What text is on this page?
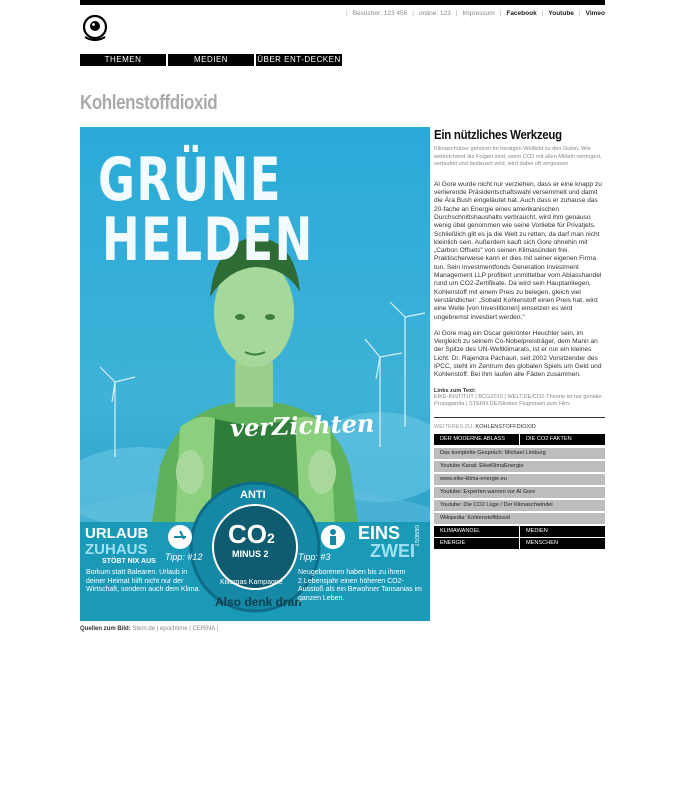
| Besucher: 123 456 | online: 123 | Impressum | Facebook | Youtube | Vimeo
THEMEN	MEDIEN	ÜBER ENT-DECKEN
Kohlenstoffdioxid
GRÜNE
HELDEN
verZichten
URLAUB
ZUHAUS
STÖBT NIX AUS
Borkum statt Balearen. Urlaub in deiner Heimat hilft nicht nur der Wirtschaft, sondern auch dem Klima.
Tipp: #12
ANTI
CO2
MINUS 2
Killergas Kampagne
Also denk dran
EINS
ZWEI
GENÜGT
Tipp: #3
Neugeborenen haben bis zu ihrem 2.Lebensjahr einen höheren CO2-Ausstoß als ein Bewohner Tansanias im ganzen Leben.
Quellen zum Bild: Stern.de | epochtime | CERINA |
Ein nützliches Werkzeug
Klimaschützer gehören im heutigen Weltbild zu den Guten. Wie weitreichend die Folgen sind, wenn CO2 mit allen Mitteln verringert, verteufelt und besteuert wird, wird dabei oft vergessen

Al Gore wurde nicht nur verziehen, dass er eine knapp zu verlierende Präsidentschaftswahl versemmelt und damit die Ära Bush eingeläutet hat. Auch dass er zuhause das 20-fache an Energie eines amerikanischen Durchschnittshaushalts verbraucht, wird ihm genauso wenig übel genommen wie seine Vorliebe für Privatjets. Schließlich gilt es ja die Welt zu retten, da darf man nicht kleinlich sein. Außerdem kauft sich Gore ohnehin mit „Carbon Offsets" von seinen Klimasünden frei. Praktischerweise kann er dies mit seiner eigenen Firma tun. Sein Investmentfonds Generation Investment Management LLP profitiert unmittelbar vom Ablasshandel rund um CO2-Zertifikate. Da wird sein Hauptanliegen, Kohlenstoff mit einem Preis zu belegen, gleich viel verständlicher: „Sobald Kohlenstoff einen Preis hat, wird eine Welle [von Investitionen] einsetzen es wird ungebremst investiert werden."

Al Gore mag ein Oscar gekrönter Heuchler sein, im Vergleich zu seinem Co-Nobelpreisträger, dem Mann an der Spitze des UN-Weltklimarats, ist er nur ein kleines Licht. Dr. Rajendra Pachauri, seit 2002 Vorsitzender des IPCC, steht im Zentrum des globalen Spiels um Geld und Kohlenstoff. Bei ihm laufen alle Fäden zusammen.

Links zum Text:
EIKE-INSTITUT | BCG2010 | WELT.DE/CO2-Theorie ist nur geniale Propaganda | STERN.DE/Stinken Flugreisen zum Him-
WEITERES ZU: KOHLENSTOFFDIOXID
DER MODERNE ABLASS	DIE CO2 FAKTEN
Das komplette Gespräch: Michael Limburg
Youtube Kanal: EikeKlimaEnergie
www.eike-klima-energie.eu
Youtube: Experten warnen vor Al Gore
Youtube: Die CO2 Lüge / Der Klimaschwindel
Wikipedia: Kohlenstoffdioxid
KLIMAWANDEL	MEDIEN
ENERGIE	MENSCHEN
